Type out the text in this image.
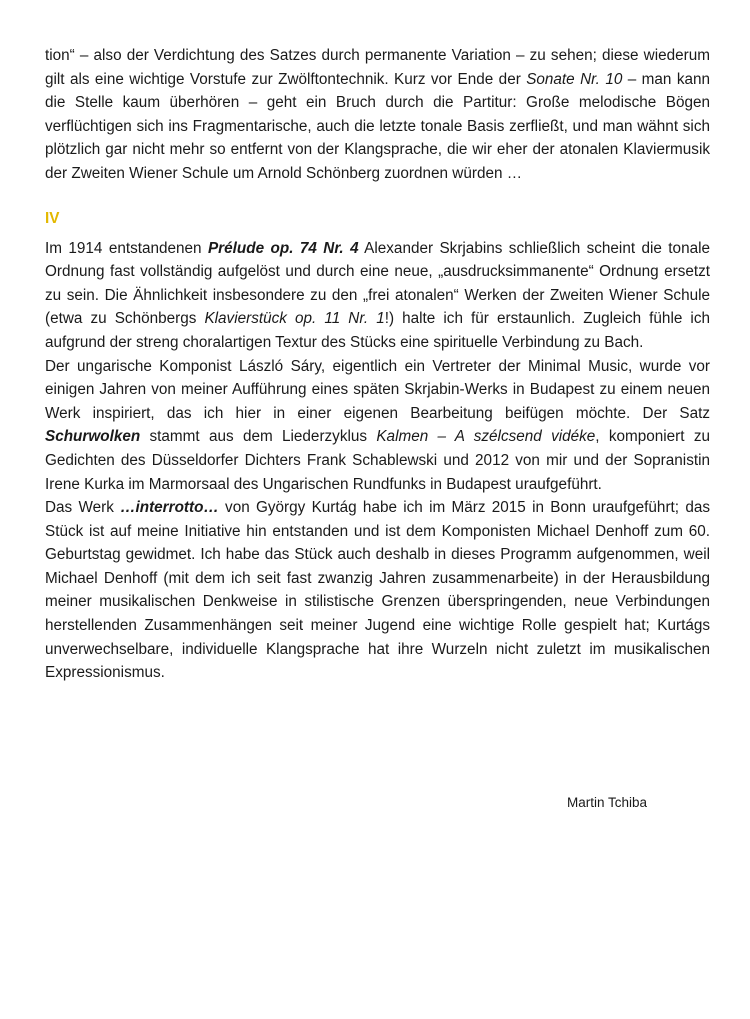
tion“ – also der Verdichtung des Satzes durch permanente Variation – zu sehen; diese wiederum gilt als eine wichtige Vorstufe zur Zwölftontechnik. Kurz vor Ende der Sonate Nr. 10 – man kann die Stelle kaum überhören – geht ein Bruch durch die Partitur: Große melodische Bögen verflüchtigen sich ins Fragmentarische, auch die letzte tonale Basis zerfließt, und man wähnt sich plötzlich gar nicht mehr so entfernt von der Klangsprache, die wir eher der atonalen Klaviermusik der Zweiten Wiener Schule um Arnold Schönberg zuordnen würden …

IV

Im 1914 entstandenen Prélude op. 74 Nr. 4 Alexander Skrjabins schließlich scheint die tonale Ordnung fast vollständig aufgelöst und durch eine neue, „ausdrucksimmanente“ Ordnung ersetzt zu sein. Die Ähnlichkeit insbesondere zu den „frei atonalen“ Werken der Zweiten Wiener Schule (etwa zu Schönbergs Klavierstück op. 11 Nr. 1!) halte ich für erstaunlich. Zugleich fühle ich aufgrund der streng choralartigen Textur des Stücks eine spirituelle Verbindung zu Bach.

Der ungarische Komponist László Sáry, eigentlich ein Vertreter der Minimal Music, wurde vor einigen Jahren von meiner Aufführung eines späten Skrjabin-Werks in Budapest zu einem neuen Werk inspiriert, das ich hier in einer eigenen Bearbeitung beifügen möchte. Der Satz Schurwolken stammt aus dem Liederzyklus Kalmen – A szélcsend vidéke, komponiert zu Gedichten des Düsseldorfer Dichters Frank Schablewski und 2012 von mir und der Sopranistin Irene Kurka im Marmorsaal des Ungarischen Rundfunks in Budapest uraufgeführt.

Das Werk …interrotto… von György Kurtág habe ich im März 2015 in Bonn uraufgeführt; das Stück ist auf meine Initiative hin entstanden und ist dem Komponisten Michael Denhoff zum 60. Geburtstag gewidmet. Ich habe das Stück auch deshalb in dieses Programm aufgenommen, weil Michael Denhoff (mit dem ich seit fast zwanzig Jahren zusammenarbeite) in der Herausbildung meiner musikalischen Denkweise in stilistische Grenzen überspringenden, neue Verbindungen herstellenden Zusammenhängen seit meiner Jugend eine wichtige Rolle gespielt hat; Kurtágs unverwechselbare, individuelle Klangsprache hat ihre Wurzeln nicht zuletzt im musikalischen Expressionismus.

Martin Tchiba
